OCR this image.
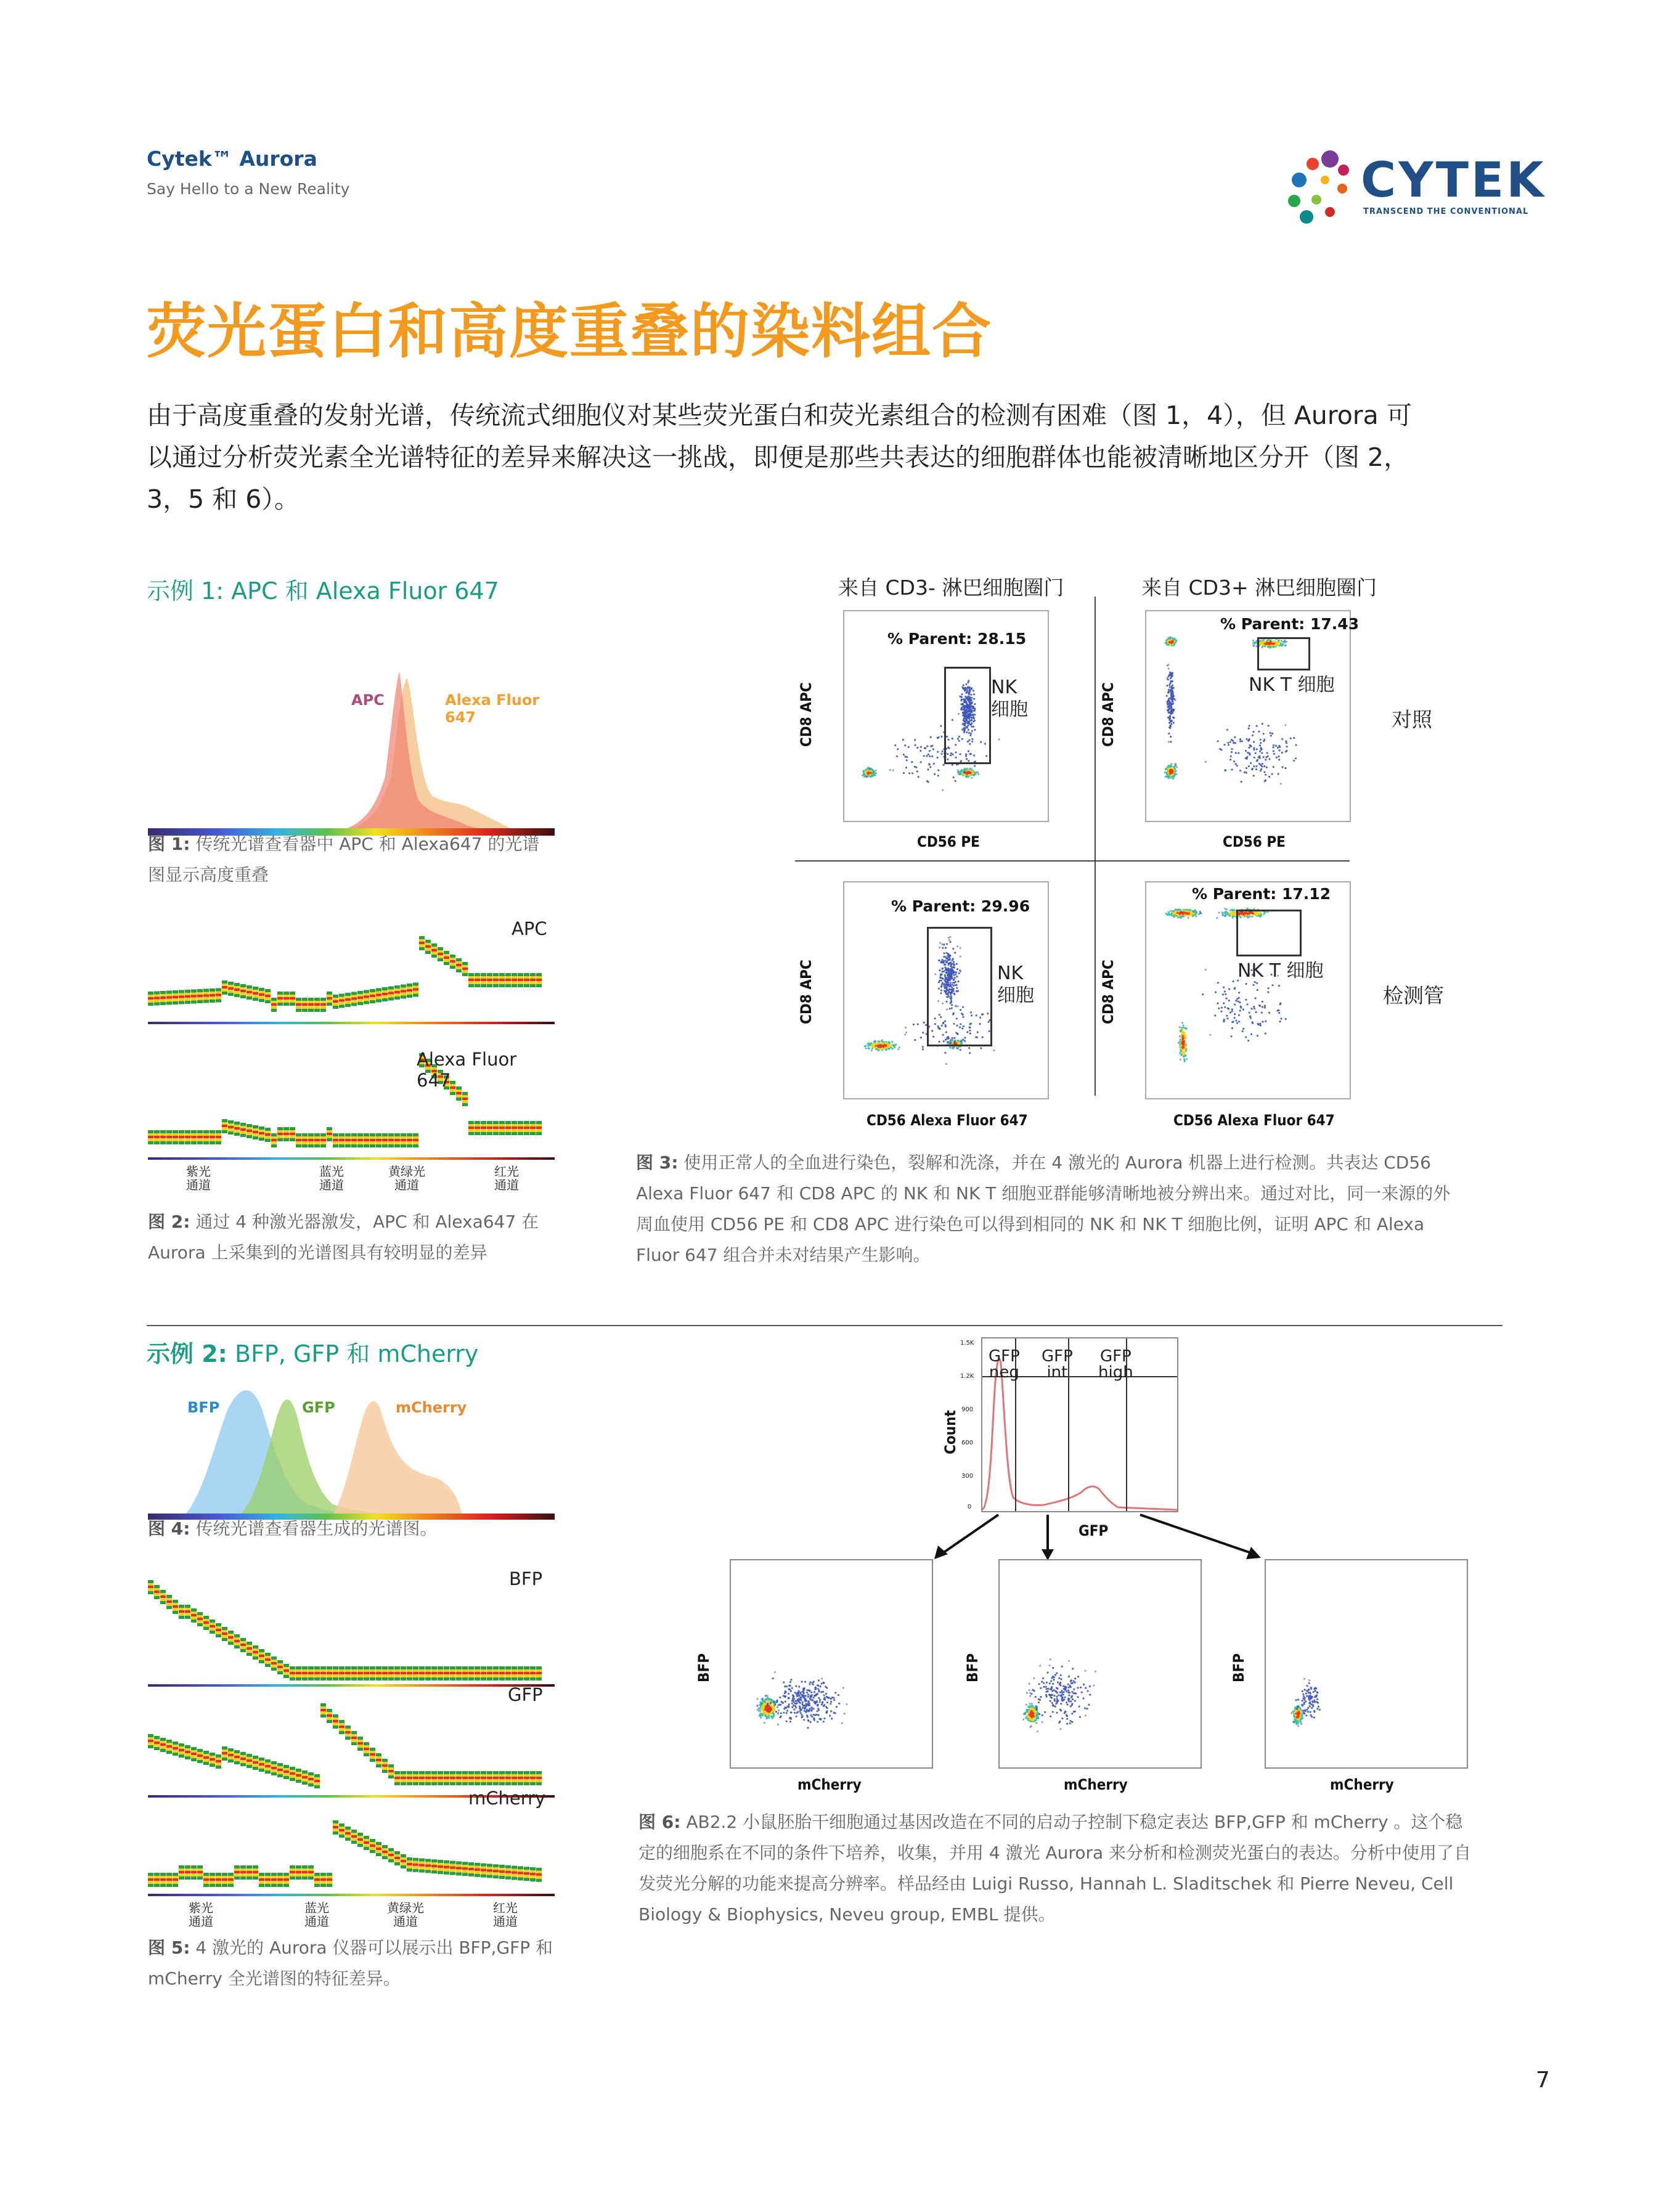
Cytek™ Aurora
Say Hello to a New Reality	CYTEK
TRANSCEND THE CONVENTIONAL
荧光蛋白和高度重叠的染料组合
由于高度重叠的发射光谱，传统流式细胞仪对某些荧光蛋白和荧光素组合的检测有困难（图 1，4），但 Aurora 可以通过分析荧光素全光谱特征的差异来解决这一挑战，即便是那些共表达的细胞群体也能被清晰地区分开（图 2，3，5 和 6）。
示例 1: APC 和 Alexa Fluor 647
APC	Alexa Fluor 647
图 1: 传统光谱查看器中 APC 和 Alexa647 的光谱图显示高度重叠
APC
Alexa Fluor 647
紫光
通道
蓝光
通道
黄绿光
通道
红光
通道
图 2: 通过 4 种激光器激发，APC 和 Alexa647 在 Aurora 上采集到的光谱图具有较明显的差异
来自 CD3- 淋巴细胞圈门	来自 CD3+ 淋巴细胞圈门
对照
检测管
% Parent: 28.15
NK
细胞
CD56 PE
CD8 APC
% Parent: 17.43
NK T 细胞
CD56 PE
CD8 APC
% Parent: 29.96
NK
细胞
CD56 Alexa Fluor 647
CD8 APC
% Parent: 17.12
NK T 细胞
CD56 Alexa Fluor 647
CD8 APC
图 3: 使用正常人的全血进行染色，裂解和洗涤，并在 4 激光的 Aurora 机器上进行检测。共表达 CD56 Alexa Fluor 647 和 CD8 APC 的 NK 和 NK T 细胞亚群能够清晰地被分辨出来。通过对比，同一来源的外周血使用 CD56 PE 和 CD8 APC 进行染色可以得到相同的 NK 和 NK T 细胞比例，证明 APC 和 Alexa Fluor 647 组合并未对结果产生影响。
示例 2: BFP, GFP 和 mCherry
BFP	GFP	mCherry
图 4: 传统光谱查看器生成的光谱图。
BFP
GFP
mCherry
紫光
通道
蓝光
通道
黄绿光
通道
红光
通道
图 5: 4 激光的 Aurora 仪器可以展示出 BFP,GFP 和 mCherry 全光谱图的特征差异。
GFP
neg
GFP
int
GFP
high
1.5K
1.2K
900
600
300
0
GFP
Count
mCherry
BFP
mCherry
BFP
mCherry
BFP
图 6: AB2.2 小鼠胚胎干细胞通过基因改造在不同的启动子控制下稳定表达 BFP,GFP 和 mCherry 。这个稳定的细胞系在不同的条件下培养，收集，并用 4 激光 Aurora 来分析和检测荧光蛋白的表达。分析中使用了自发荧光分解的功能来提高分辨率。样品经由 Luigi Russo, Hannah L. Sladitschek 和 Pierre Neveu, Cell Biology & Biophysics, Neveu group, EMBL 提供。
7
